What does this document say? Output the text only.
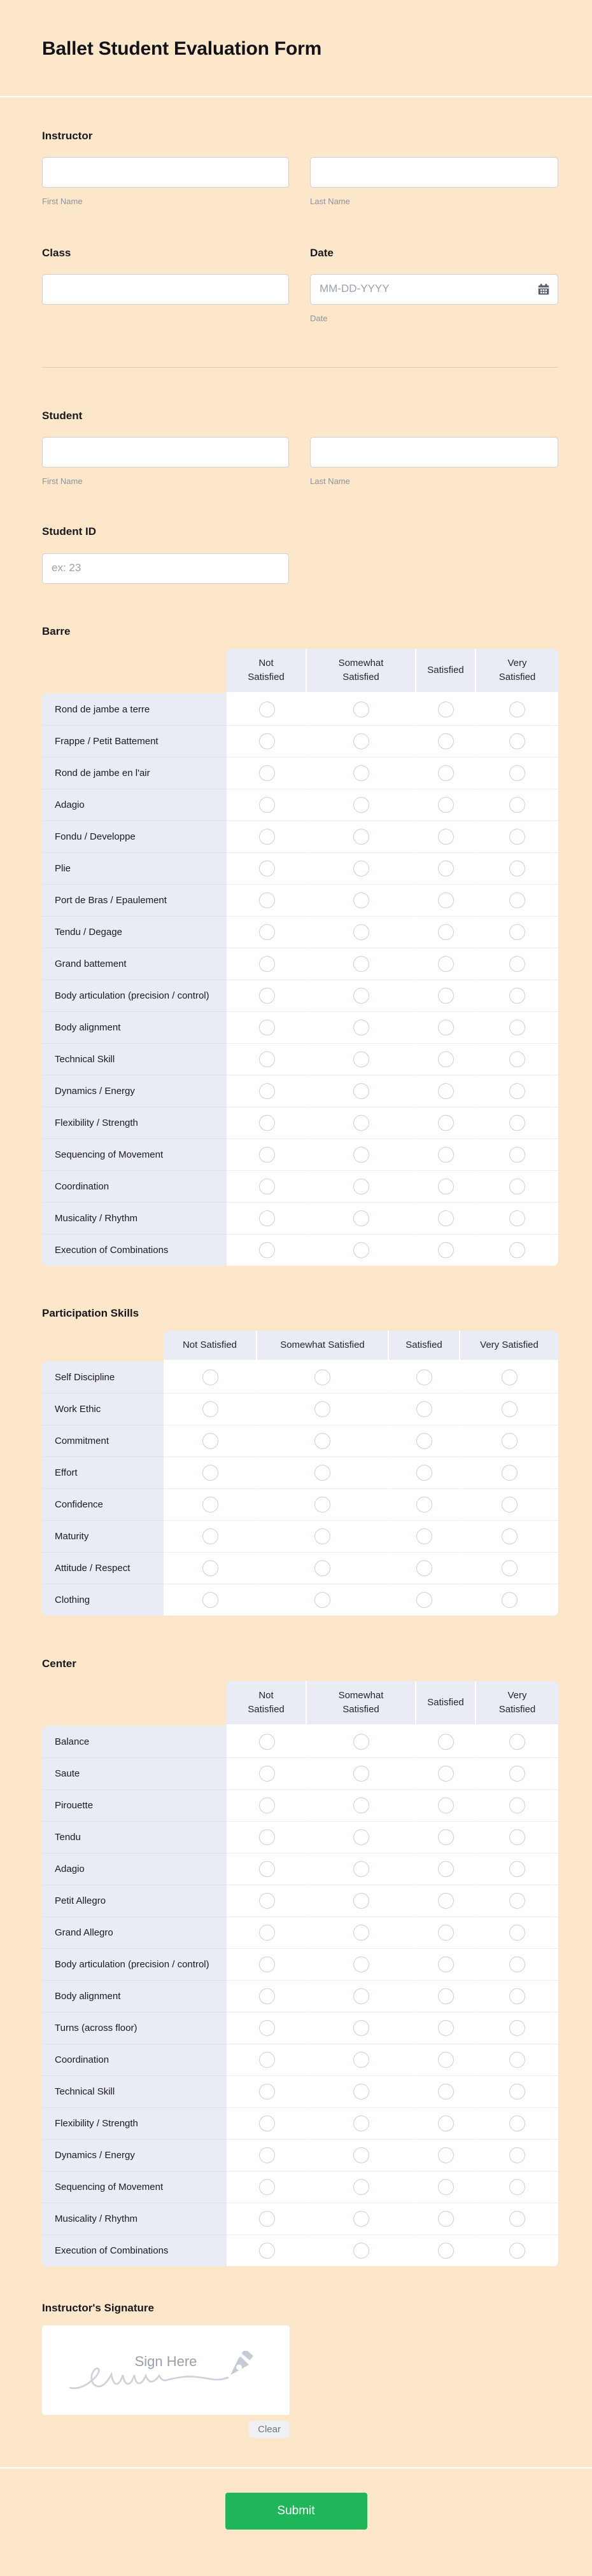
Ballet Student Evaluation Form
Instructor
First Name	Last Name
Class	Date
MM-DD-YYYY
Date
Student
First Name	Last Name
Student ID
ex: 23
Barre
	Not Satisfied	Somewhat Satisfied	Satisfied	Very Satisfied
Rond de jambe a terre				
Frappe / Petit Battement				
Rond de jambe en l'air				
Adagio				
Fondu / Developpe				
Plie				
Port de Bras / Epaulement				
Tendu / Degage				
Grand battement				
Body articulation (precision / control)				
Body alignment				
Technical Skill				
Dynamics / Energy				
Flexibility / Strength				
Sequencing of Movement				
Coordination				
Musicality / Rhythm				
Execution of Combinations				
Participation Skills
	Not Satisfied	Somewhat Satisfied	Satisfied	Very Satisfied
Self Discipline				
Work Ethic				
Commitment				
Effort				
Confidence				
Maturity				
Attitude / Respect				
Clothing				
Center
	Not Satisfied	Somewhat Satisfied	Satisfied	Very Satisfied
Balance				
Saute				
Pirouette				
Tendu				
Adagio				
Petit Allegro				
Grand Allegro				
Body articulation (precision / control)				
Body alignment				
Turns (across floor)				
Coordination				
Technical Skill				
Flexibility / Strength				
Dynamics / Energy				
Sequencing of Movement				
Musicality / Rhythm				
Execution of Combinations				
Instructor's Signature
Sign Here
Clear
Submit
